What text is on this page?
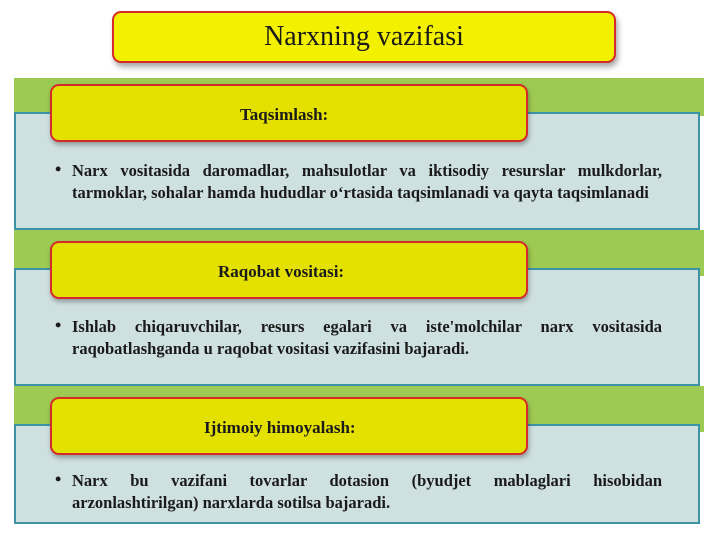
Narxning vazifasi
• Narx vositasida daromadlar, mahsulotlar va iktisodiy resurslar mulkdorlar, tarmoklar, sohalar hamda hududlar o‘rtasida taqsimlanadi va qayta taqsimlanadi
Taqsimlash:
• Ishlab chiqaruvchilar, resurs egalari va iste'molchilar narx vositasida raqobatlashganda u raqobat vositasi vazifasini bajaradi.
Raqobat vositasi:
• Narx bu vazifani tovarlar dotasion (byudjet mablaglari hisobidan arzonlashtirilgan) narxlarda sotilsa bajaradi.
Ijtimoiy himoyalash:
